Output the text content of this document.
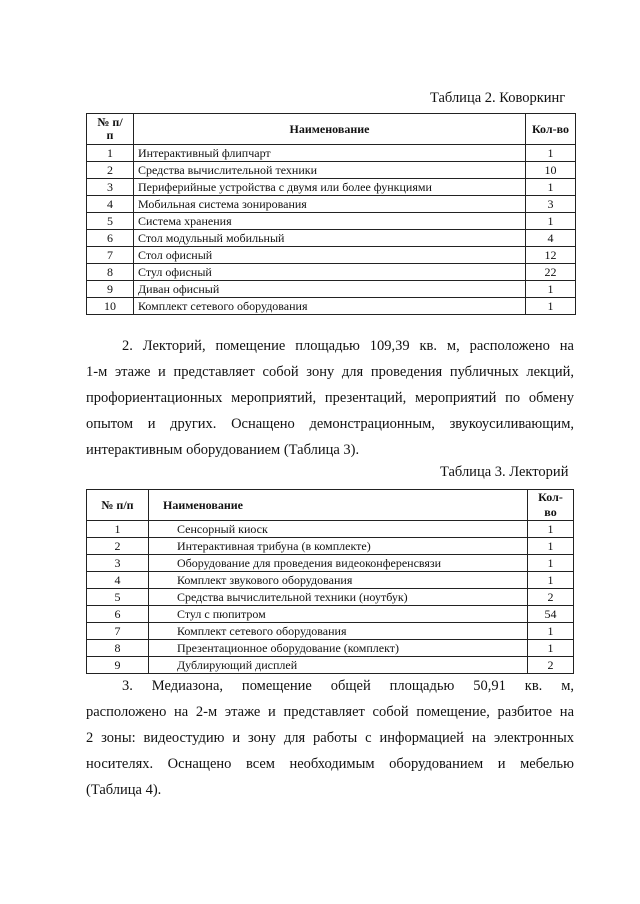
Таблица 2. Коворкинг
№ п/п	Наименование	Кол-во
1	Интерактивный флипчарт	1
2	Средства вычислительной техники	10
3	Периферийные устройства с двумя или более функциями	1
4	Мобильная система зонирования	3
5	Система хранения	1
6	Стол модульный мобильный	4
7	Стол офисный	12
8	Стул офисный	22
9	Диван офисный	1
10	Комплект сетевого оборудования	1
2. Лекторий, помещение площадью 109,39 кв. м, расположено на
1-м этаже и представляет собой зону для проведения публичных лекций,
профориентационных мероприятий, презентаций, мероприятий по обмену
опытом и других. Оснащено демонстрационным, звукоусиливающим,
интерактивным оборудованием (Таблица 3).
Таблица 3. Лекторий
№ п/п	Наименование	Кол-во
1	Сенсорный киоск	1
2	Интерактивная трибуна (в комплекте)	1
3	Оборудование для проведения видеоконференсвязи	1
4	Комплект звукового оборудования	1
5	Средства вычислительной техники (ноутбук)	2
6	Стул с пюпитром	54
7	Комплект сетевого оборудования	1
8	Презентационное оборудование (комплект)	1
9	Дублирующий дисплей	2
3. Медиазона, помещение общей площадью 50,91 кв. м,
расположено на 2-м этаже и представляет собой помещение, разбитое на
2 зоны: видеостудию и зону для работы с информацией на электронных
носителях. Оснащено всем необходимым оборудованием и мебелью
(Таблица 4).
